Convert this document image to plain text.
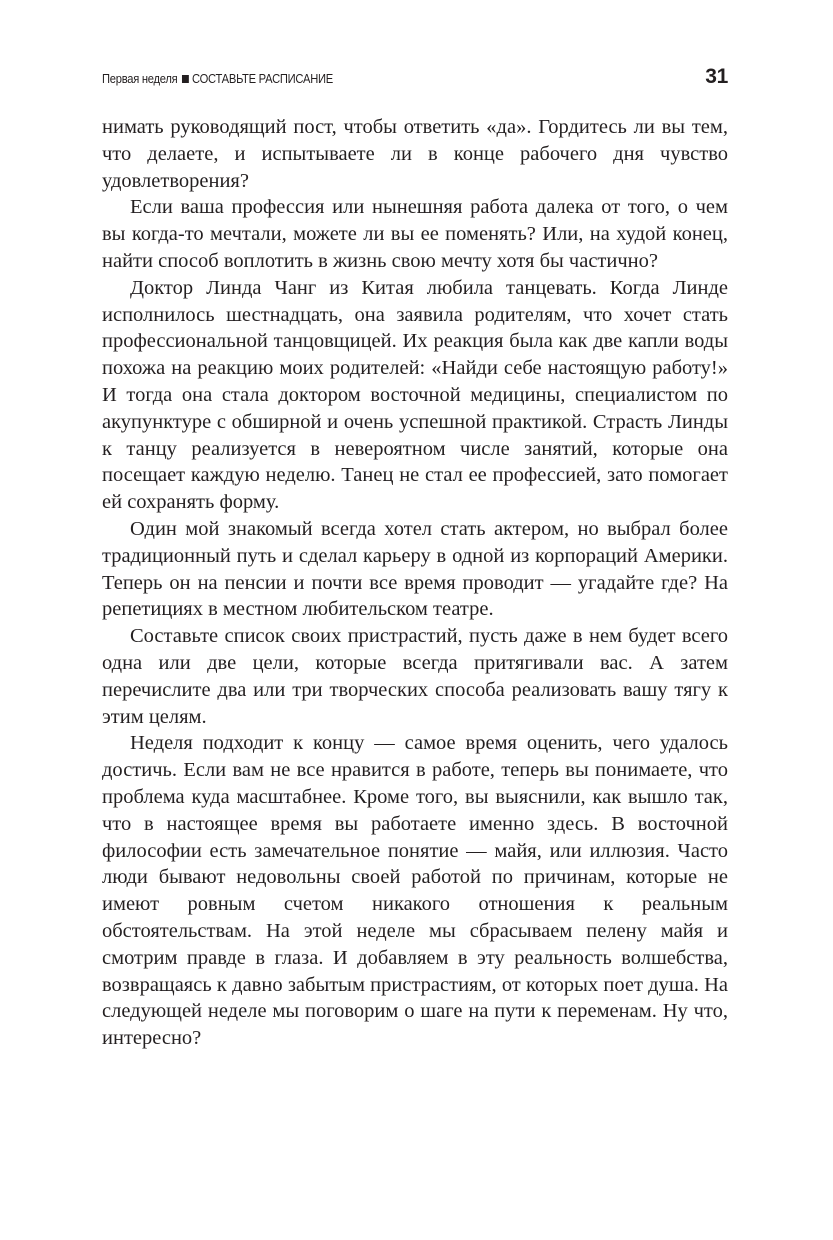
Первая неделя СОСТАВЬТЕ РАСПИСАНИЕ	31

нимать руководящий пост, чтобы ответить «да». Гордитесь ли вы тем, что делаете, и испытываете ли в конце рабочего дня чувство удовлетворения?

Если ваша профессия или нынешняя работа далека от того, о чем вы когда-то мечтали, можете ли вы ее поменять? Или, на худой конец, найти способ воплотить в жизнь свою мечту хотя бы частично?

Доктор Линда Чанг из Китая любила танцевать. Когда Линде исполнилось шестнадцать, она заявила родителям, что хочет стать профессиональной танцовщицей. Их реакция была как две капли воды похожа на реакцию моих родителей: «Найди себе настоящую работу!» И тогда она стала доктором восточной медицины, специалистом по акупунктуре с обширной и очень успешной практикой. Страсть Линды к танцу реализуется в невероятном числе занятий, которые она посещает каждую неделю. Танец не стал ее профессией, зато помогает ей сохранять форму.

Один мой знакомый всегда хотел стать актером, но выбрал более традиционный путь и сделал карьеру в одной из корпораций Америки. Теперь он на пенсии и почти все время проводит — угадайте где? На репетициях в местном любительском театре.

Составьте список своих пристрастий, пусть даже в нем будет всего одна или две цели, которые всегда притягивали вас. А затем перечислите два или три творческих способа реализовать вашу тягу к этим целям.

Неделя подходит к концу — самое время оценить, чего удалось достичь. Если вам не все нравится в работе, теперь вы понимаете, что проблема куда масштабнее. Кроме того, вы выяснили, как вышло так, что в настоящее время вы работаете именно здесь. В восточной философии есть замечательное понятие — майя, или иллюзия. Часто люди бывают недовольны своей работой по причинам, которые не имеют ровным счетом никакого отношения к реальным обстоятельствам. На этой неделе мы сбрасываем пелену майя и смотрим правде в глаза. И добавляем в эту реальность волшебства, возвращаясь к давно забытым пристрастиям, от которых поет душа. На следующей неделе мы поговорим о шаге на пути к переменам. Ну что, интересно?
